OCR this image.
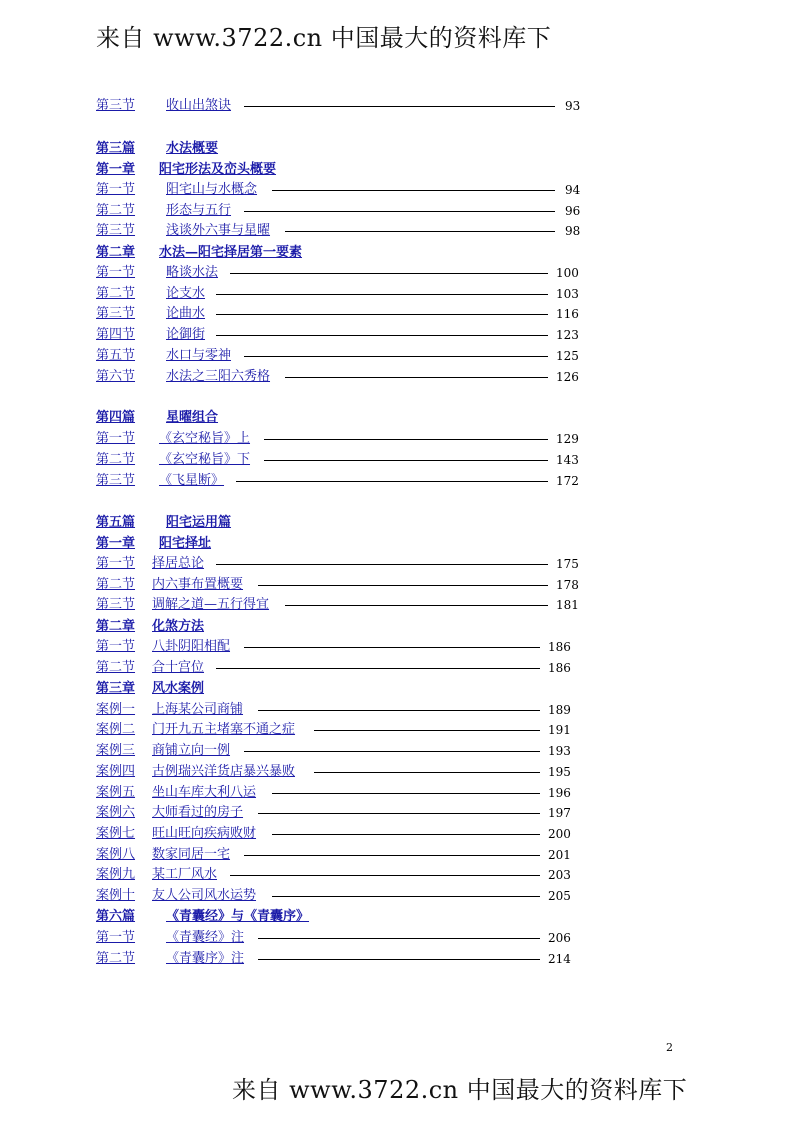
来自 www.3722.cn 中国最大的资料库下
第三节 收山出煞诀	93
第三篇 水法概要
第一章 阳宅形法及峦头概要
第一节 阳宅山与水概念	94
第二节 形态与五行	96
第三节 浅谈外六事与星曜	98
第二章 水法—阳宅择居第一要素
第一节 略谈水法	100
第二节 论支水	103
第三节 论曲水	116
第四节 论御街	123
第五节 水口与零神	125
第六节 水法之三阳六秀格	126
第四篇 星曜组合
第一节 《玄空秘旨》上	129
第二节 《玄空秘旨》下	143
第三节 《飞星断》	172
第五篇 阳宅运用篇
第一章 阳宅择址
第一节 择居总论	175
第二节 内六事布置概要	178
第三节 调解之道—五行得宜	181
第二章 化煞方法
第一节 八卦阴阳相配	186
第二节 合十宫位	186
第三章 风水案例
案例一 上海某公司商铺	189
案例二 门开九五主堵塞不通之症	191
案例三 商铺立向一例	193
案例四 古例瑞兴洋货店暴兴暴败	195
案例五 坐山车库大利八运	196
案例六 大师看过的房子	197
案例七 旺山旺向疾病败财	200
案例八 数家同居一宅	201
案例九 某工厂风水	203
案例十 友人公司风水运势	205
第六篇 《青囊经》与《青囊序》
第一节 《青囊经》注	206
第二节 《青囊序》注	214
2
来自 www.3722.cn 中国最大的资料库下
